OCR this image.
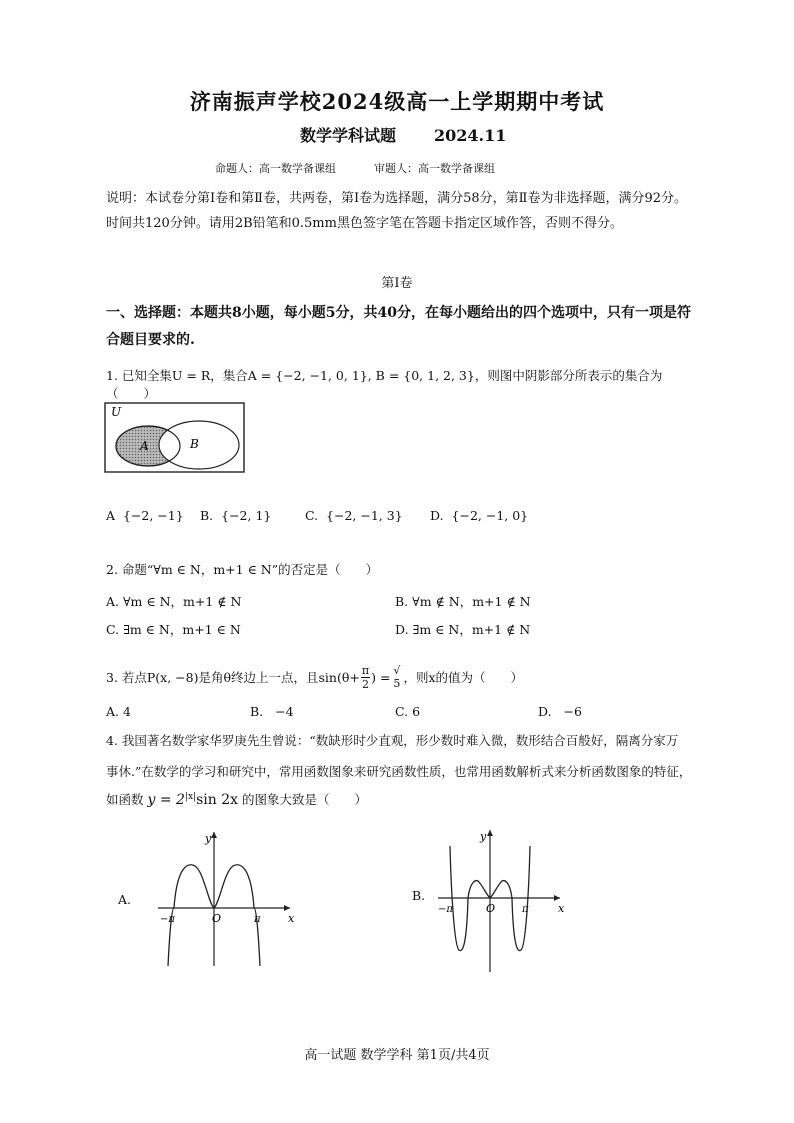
济南振声学校2024级高一上学期期中考试
数学学科试题 2024.11
命题人：高一数学备课组	审题人：高一数学备课组
说明：本试卷分第Ⅰ卷和第Ⅱ卷，共两卷，第Ⅰ卷为选择题，满分58分，第Ⅱ卷为非选择题，满分92分。时间共120分钟。请用2B铅笔和0.5mm黑色签字笔在答题卡指定区域作答，否则不得分。
第Ⅰ卷
一、选择题：本题共8小题，每小题5分，共40分，在每小题给出的四个选项中，只有一项是符合题目要求的.
1. 已知全集U = R，集合A = {−2, −1, 0, 1}, B = {0, 1, 2, 3}，则图中阴影部分所表示的集合为（　　）
U
A	B
A {−2, −1} B. {−2, 1}	C. {−2, −1, 3} D. {−2, −1, 0}
2. 命题“∀m ∈ N，m+1 ∈ N”的否定是（　　）
A. ∀m ∈ N，m+1 ∉ N	B. ∀m ∉ N，m+1 ∉ N
C. ∃m ∈ N，m+1 ∈ N	D. ∃m ∈ N，m+1 ∉ N
3. 若点P(x, −8)是角θ终边上一点，且$\sin(\theta+ \frac{\pi}{2}$ ) = √
5 ，则x的值为（　　）
A. 4	B. −4	C. 6	D. −6
4. 我国著名数学家华罗庚先生曾说：“数缺形时少直观，形少数时难入微，数形结合百般好，隔离分家万
事休.”在数学的学习和研究中，常用函数图象来研究函数性质，也常用函数解析式来分析函数图象的特征，
如函数 $y = 2^{|x|}\sin$ 2x 的图象大致是（　　）
A.
y
x
O
−π	π
B.
y
x
O
−π	π
高一试题 数学学科 第1页/共4页
